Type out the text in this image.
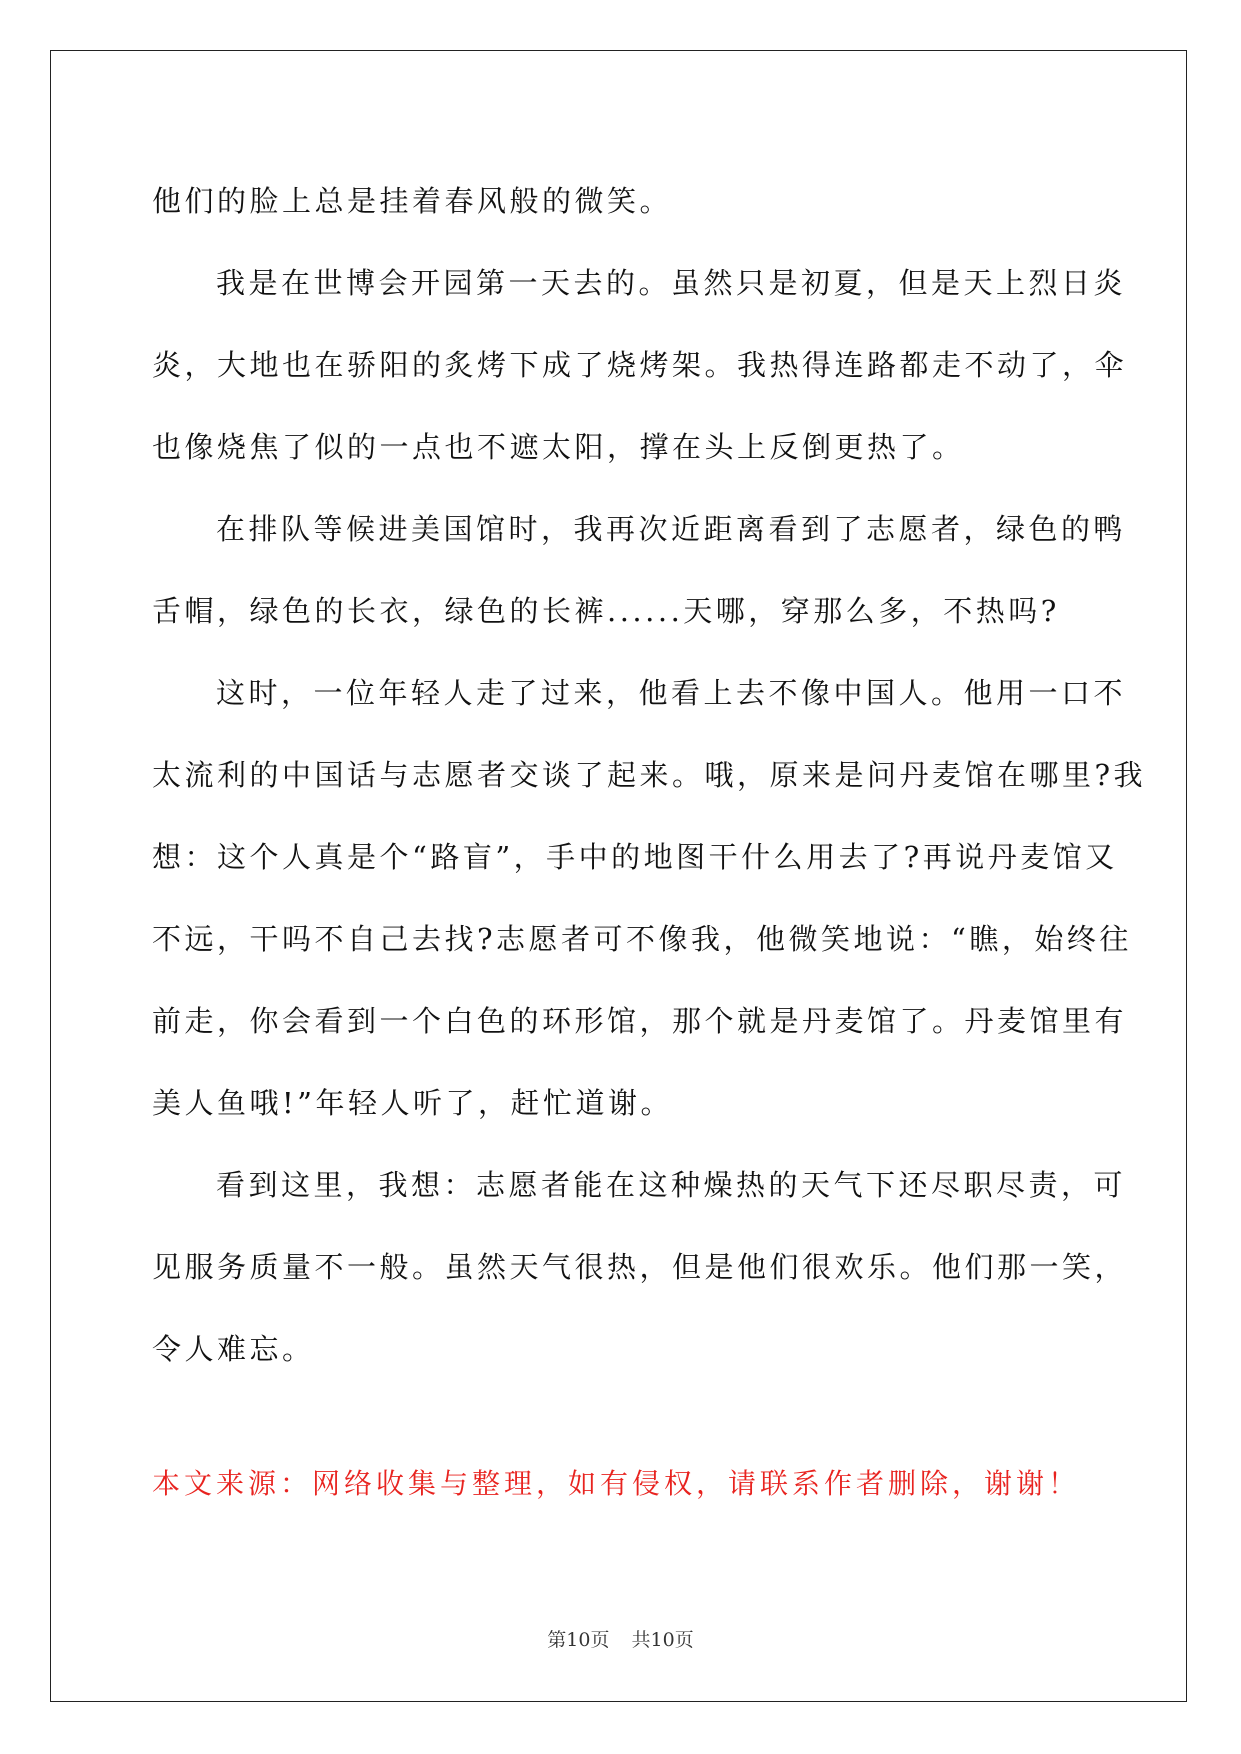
他们的脸上总是挂着春风般的微笑。
我是在世博会开园第一天去的。虽然只是初夏，但是天上烈日炎
炎，大地也在骄阳的炙烤下成了烧烤架。我热得连路都走不动了，伞
也像烧焦了似的一点也不遮太阳，撑在头上反倒更热了。
在排队等候进美国馆时，我再次近距离看到了志愿者，绿色的鸭
舌帽，绿色的长衣，绿色的长裤......天哪，穿那么多，不热吗?
这时，一位年轻人走了过来，他看上去不像中国人。他用一口不
太流利的中国话与志愿者交谈了起来。哦，原来是问丹麦馆在哪里?我
想：这个人真是个“路盲”，手中的地图干什么用去了?再说丹麦馆又
不远，干吗不自己去找?志愿者可不像我，他微笑地说：“瞧，始终往
前走，你会看到一个白色的环形馆，那个就是丹麦馆了。丹麦馆里有
美人鱼哦!”年轻人听了，赶忙道谢。
看到这里，我想：志愿者能在这种燥热的天气下还尽职尽责，可
见服务质量不一般。虽然天气很热，但是他们很欢乐。他们那一笑，
令人难忘。
本文来源：网络收集与整理，如有侵权，请联系作者删除，谢谢！
第10页 共10页
